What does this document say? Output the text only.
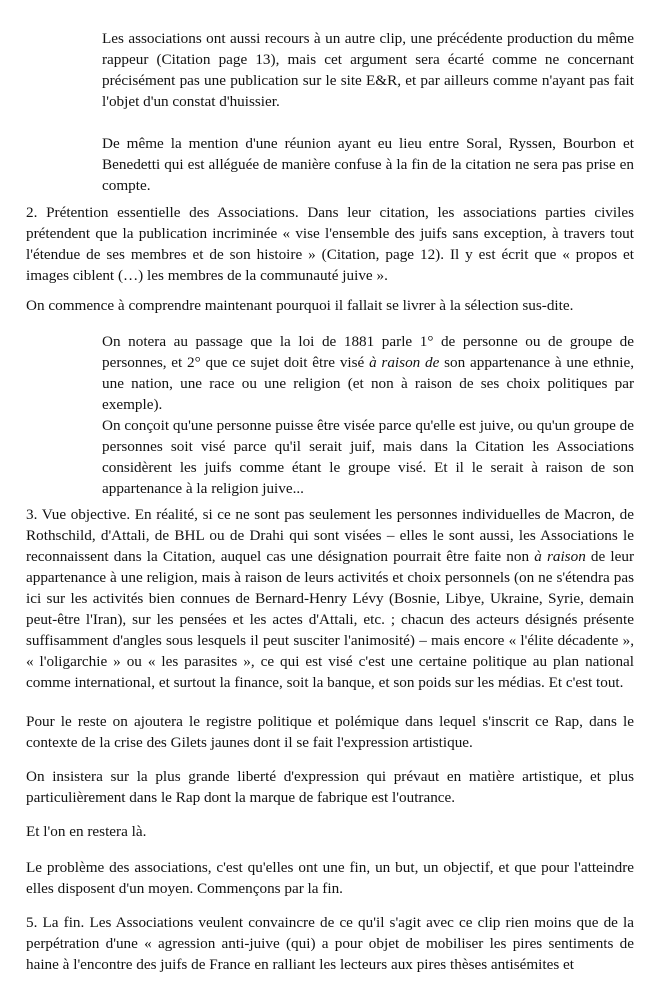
Les associations ont aussi recours à un autre clip, une précédente production du même rappeur (Citation page 13), mais cet argument sera écarté comme ne concernant précisément pas une publication sur le site E&R, et par ailleurs comme n'ayant pas fait l'objet d'un constat d'huissier.

De même la mention d'une réunion ayant eu lieu entre Soral, Ryssen, Bourbon et Benedetti qui est alléguée de manière confuse à la fin de la citation ne sera pas prise en compte.

2. Prétention essentielle des Associations. Dans leur citation, les associations parties civiles prétendent que la publication incriminée « vise l'ensemble des juifs sans exception, à travers tout l'étendue de ses membres et de son histoire » (Citation, page 12). Il y est écrit que « propos et images ciblent (…) les membres de la communauté juive ».

On commence à comprendre maintenant pourquoi il fallait se livrer à la sélection sus-dite.

On notera au passage que la loi de 1881 parle 1° de personne ou de groupe de personnes, et 2° que ce sujet doit être visé à raison de son appartenance à une ethnie, une nation, une race ou une religion (et non à raison de ses choix politiques par exemple).

On conçoit qu'une personne puisse être visée parce qu'elle est juive, ou qu'un groupe de personnes soit visé parce qu'il serait juif, mais dans la Citation les Associations considèrent les juifs comme étant le groupe visé. Et il le serait à raison de son appartenance à la religion juive...

3. Vue objective. En réalité, si ce ne sont pas seulement les personnes individuelles de Macron, de Rothschild, d'Attali, de BHL ou de Drahi qui sont visées – elles le sont aussi, les Associations le reconnaissent dans la Citation, auquel cas une désignation pourrait être faite non à raison de leur appartenance à une religion, mais à raison de leurs activités et choix personnels (on ne s'étendra pas ici sur les activités bien connues de Bernard-Henry Lévy (Bosnie, Libye, Ukraine, Syrie, demain peut-être l'Iran), sur les pensées et les actes d'Attali, etc. ; chacun des acteurs désignés présente suffisamment d'angles sous lesquels il peut susciter l'animosité) – mais encore « l'élite décadente », « l'oligarchie » ou « les parasites », ce qui est visé c'est une certaine politique au plan national comme international, et surtout la finance, soit la banque, et son poids sur les médias. Et c'est tout.

Pour le reste on ajoutera le registre politique et polémique dans lequel s'inscrit ce Rap, dans le contexte de la crise des Gilets jaunes dont il se fait l'expression artistique.

On insistera sur la plus grande liberté d'expression qui prévaut en matière artistique, et plus particulièrement dans le Rap dont la marque de fabrique est l'outrance.

Et l'on en restera là.

Le problème des associations, c'est qu'elles ont une fin, un but, un objectif, et que pour l'atteindre elles disposent d'un moyen. Commençons par la fin.

5. La fin. Les Associations veulent convaincre de ce qu'il s'agit avec ce clip rien moins que de la perpétration d'une « agression anti-juive (qui) a pour objet de mobiliser les pires sentiments de haine à l'encontre des juifs de France en ralliant les lecteurs aux pires thèses antisémites et
